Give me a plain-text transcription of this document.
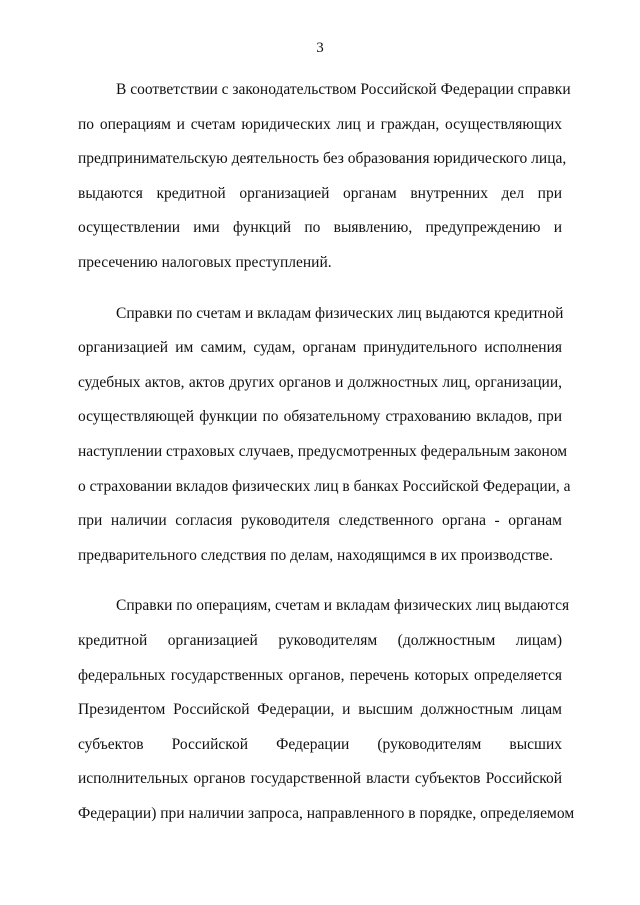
3

В соответствии с законодательством Российской Федерации справки
по операциям и счетам юридических лиц и граждан, осуществляющих
предпринимательскую деятельность без образования юридического лица,
выдаются кредитной организацией органам внутренних дел при
осуществлении ими функций по выявлению, предупреждению и
пресечению налоговых преступлений.

Справки по счетам и вкладам физических лиц выдаются кредитной
организацией им самим, судам, органам принудительного исполнения
судебных актов, актов других органов и должностных лиц, организации,
осуществляющей функции по обязательному страхованию вкладов, при
наступлении страховых случаев, предусмотренных федеральным законом
о страховании вкладов физических лиц в банках Российской Федерации, а
при наличии согласия руководителя следственного органа - органам
предварительного следствия по делам, находящимся в их производстве.

Справки по операциям, счетам и вкладам физических лиц выдаются
кредитной организацией руководителям (должностным лицам)
федеральных государственных органов, перечень которых определяется
Президентом Российской Федерации, и высшим должностным лицам
субъектов Российской Федерации (руководителям высших
исполнительных органов государственной власти субъектов Российской
Федерации) при наличии запроса, направленного в порядке, определяемом
